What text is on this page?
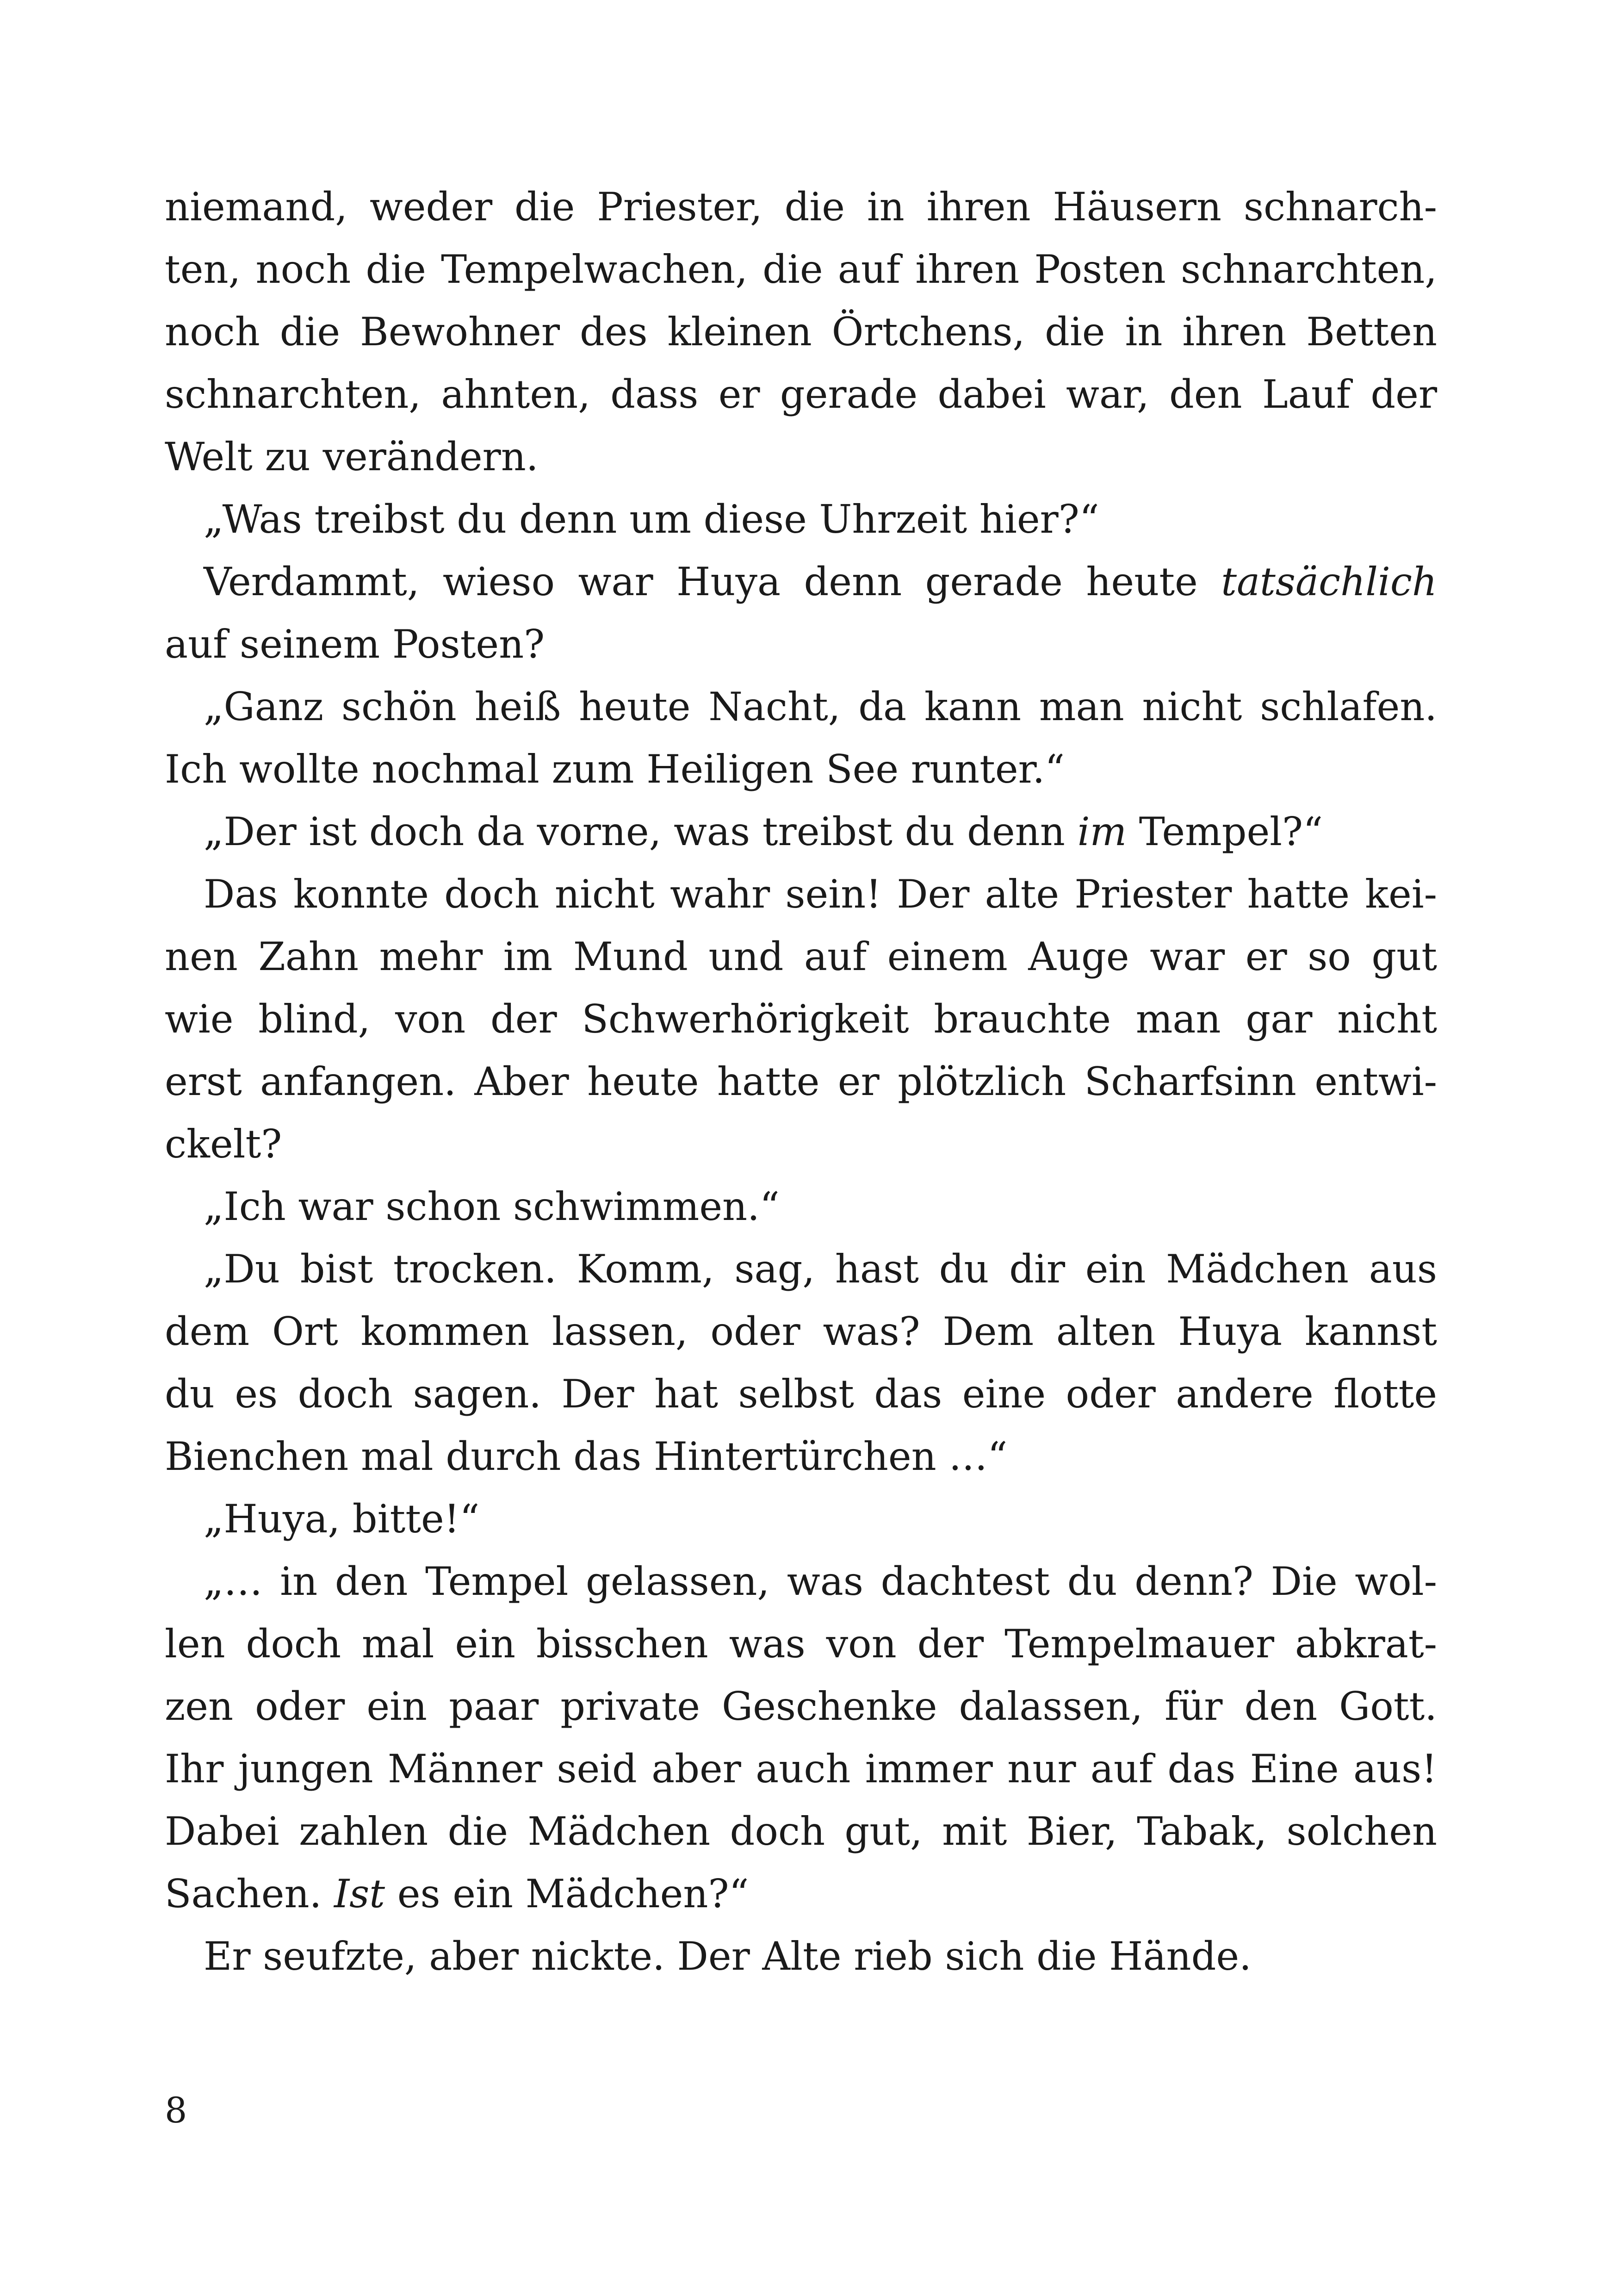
niemand, weder die Priester, die in ihren Häusern schnarch-
ten, noch die Tempelwachen, die auf ihren Posten schnarchten,
noch die Bewohner des kleinen Örtchens, die in ihren Betten
schnarchten, ahnten, dass er gerade dabei war, den Lauf der
Welt zu verändern.
„Was treibst du denn um diese Uhrzeit hier?“
Verdammt, wieso war Huya denn gerade heute tatsächlich
auf seinem Posten?
„Ganz schön heiß heute Nacht, da kann man nicht schlafen.
Ich wollte nochmal zum Heiligen See runter.“
„Der ist doch da vorne, was treibst du denn im Tempel?“
Das konnte doch nicht wahr sein! Der alte Priester hatte kei-
nen Zahn mehr im Mund und auf einem Auge war er so gut
wie blind, von der Schwerhörigkeit brauchte man gar nicht
erst anfangen. Aber heute hatte er plötzlich Scharfsinn entwi-
ckelt?
„Ich war schon schwimmen.“
„Du bist trocken. Komm, sag, hast du dir ein Mädchen aus
dem Ort kommen lassen, oder was? Dem alten Huya kannst
du es doch sagen. Der hat selbst das eine oder andere flotte
Bienchen mal durch das Hintertürchen …“
„Huya, bitte!“
„… in den Tempel gelassen, was dachtest du denn? Die wol-
len doch mal ein bisschen was von der Tempelmauer abkrat-
zen oder ein paar private Geschenke dalassen, für den Gott.
Ihr jungen Männer seid aber auch immer nur auf das Eine aus!
Dabei zahlen die Mädchen doch gut, mit Bier, Tabak, solchen
Sachen. Ist es ein Mädchen?“
Er seufzte, aber nickte. Der Alte rieb sich die Hände.
8
